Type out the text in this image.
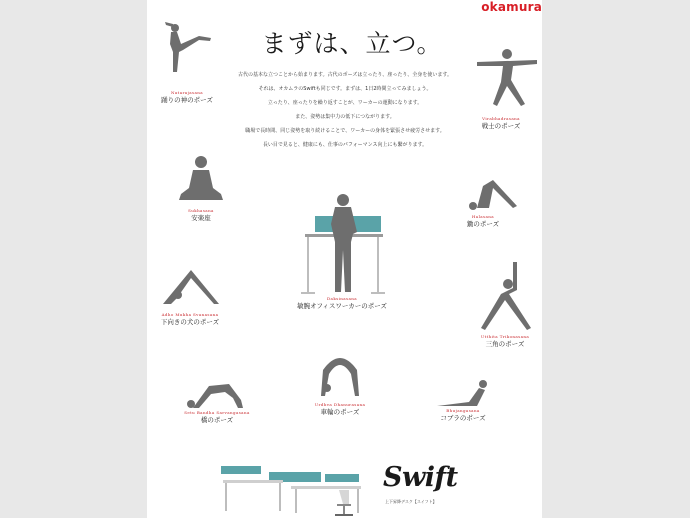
okamura
まずは、立つ。

古代の基本な立つことから始まります。古代のポーズは立ったり、座ったり、全身を使います。

それは、オカムラのSwiftも同じです。まずは、1日2時間立ってみましょう。

立ったり、座ったりを繰り返すことが、ワーカーの運動になります。

また、姿勢は集中力の低下につながります。

職場で長時間、同じ姿勢を取り続けることで、ワーカーの身体を緊張させ疲労させます。

長い目で見ると、健康にも、仕事のパフォーマンス向上にも繋がります。

Natarajasana
踊りの神のポーズ
Virabhadrasana
戦士のポーズ
Sukhasana
安楽座	Halasana
鋤のポーズ
Daksinasana
敏腕オフィスワーカーのポーズ
Adho Mukha Svanasana
下向きの犬のポーズ
Utthita Trikonasana
三角のポーズ
Setu Bandha Sarvangasana
橋のポーズ
Urdhva Dhanurasana
車輪のポーズ	Bhujangasana
コブラのポーズ
Swift
上下昇降デスク【スイフト】
